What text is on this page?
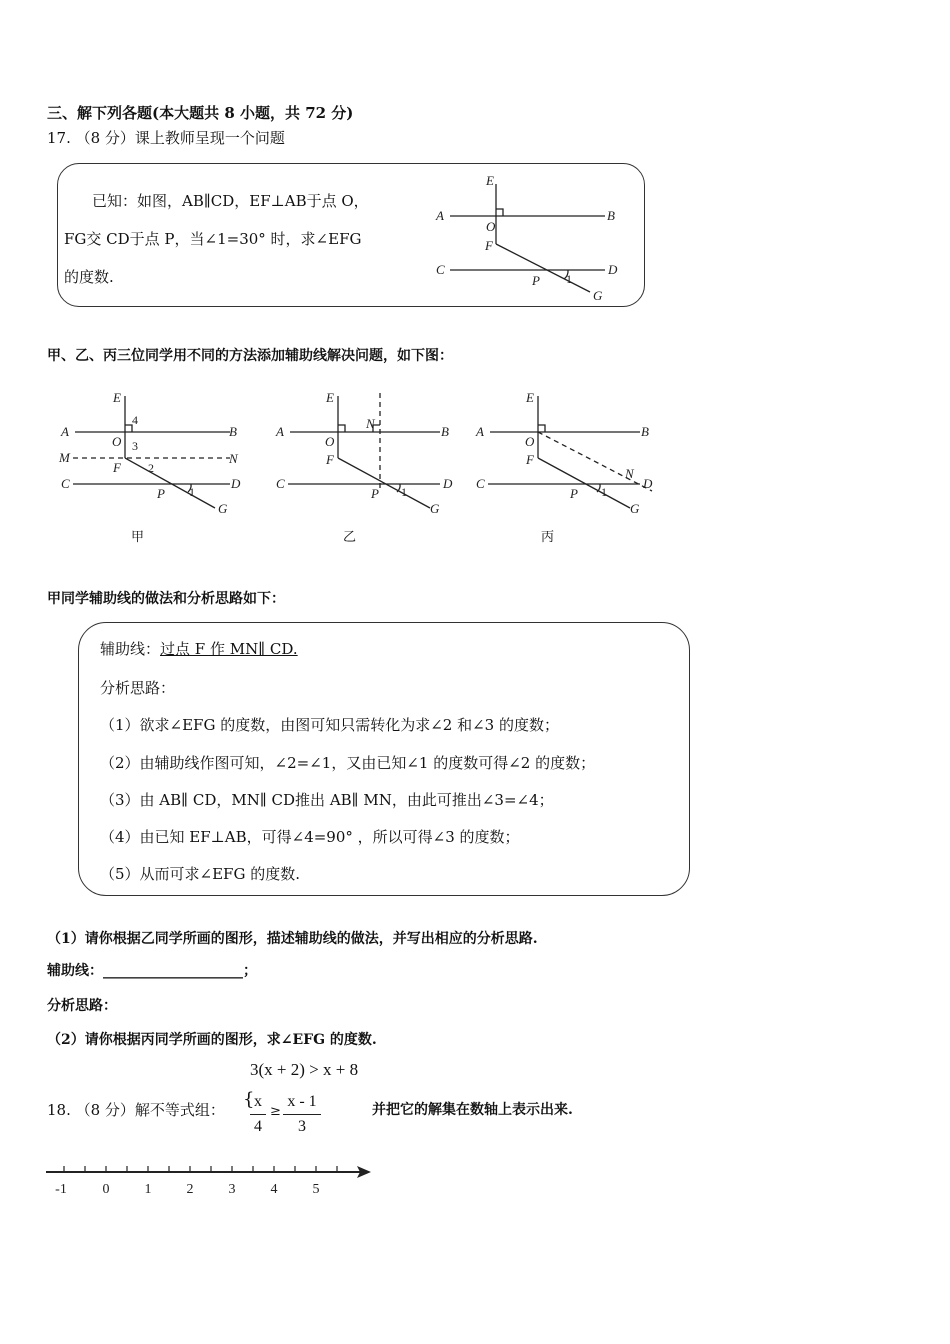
三、解下列各题(本大题共 8 小题，共 72 分)
17. （8 分）课上教师呈现一个问题
已知：如图，AB∥CD，EF⊥AB于点 O，
FG交 CD于点 P，当∠1=30° 时，求∠EFG
的度数.
E
A	B
O
F
C	D
P 1
G
甲、乙、丙三位同学用不同的方法添加辅助线解决问题，如下图：
E
4
A	B
O 3
M	N
F 2
C	D
P 1
G
E
A	B
O
N
F
C	D
P 1
G
E
A	B
O
F
C
N
D
P 1
G
甲	乙	丙
甲同学辅助线的做法和分析思路如下：
辅助线：过点 F 作 MN∥ CD.
分析思路：
（1）欲求∠EFG 的度数，由图可知只需转化为求∠2 和∠3 的度数；
（2）由辅助线作图可知，∠2=∠1，又由已知∠1 的度数可得∠2 的度数；
（3）由 AB∥ CD，MN∥ CD推出 AB∥ MN，由此可推出∠3=∠4；
（4）由已知 EF⊥AB，可得∠4=90° ，所以可得∠3 的度数；
（5）从而可求∠EFG 的度数.
（1）请你根据乙同学所画的图形，描述辅助线的做法，并写出相应的分析思路.
辅助线：____________________；
分析思路：
（2）请你根据丙同学所画的图形，求∠EFG 的度数.
3(x + 2) > x + 8
18. （8 分）解不等式组： { x
4
≥
x - 1
3
并把它的解集在数轴上表示出来.
-1	0	1	2	3	4	5
